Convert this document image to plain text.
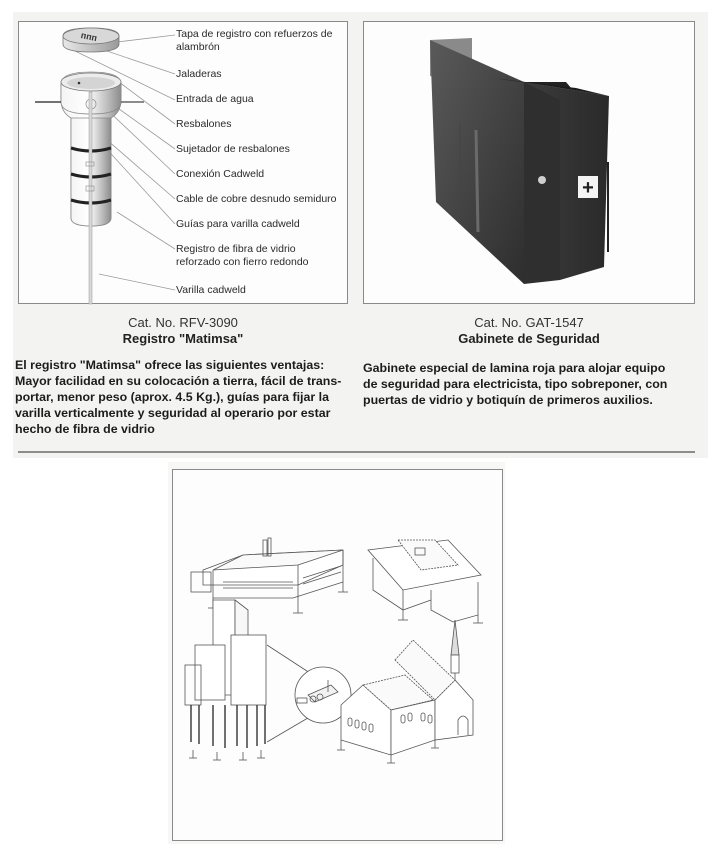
ᴨᴨᴨ	Tapa de registro con refuerzos de
alambrón
Jaladeras
Entrada de agua
Resbalones
Sujetador de resbalones
Conexión Cadweld
Cable de cobre desnudo semiduro
Guías para varilla cadweld
Registro de fibra de vidrio
reforzado con fierro redondo
Varilla cadweld
+
Cat. No. RFV-3090
Registro "Matimsa"
Cat. No. GAT-1547
Gabinete de Seguridad
El registro "Matimsa" ofrece las siguientes ventajas:
Mayor facilidad en su colocación a tierra, fácil de trans-
portar, menor peso (aprox. 4.5 Kg.), guías para fijar la
varilla verticalmente y seguridad al operario por estar
hecho de fibra de vidrio
Gabinete especial de lamina roja para alojar equipo
de seguridad para electricista, tipo sobreponer, con
puertas de vidrio y botiquín de primeros auxilios.
